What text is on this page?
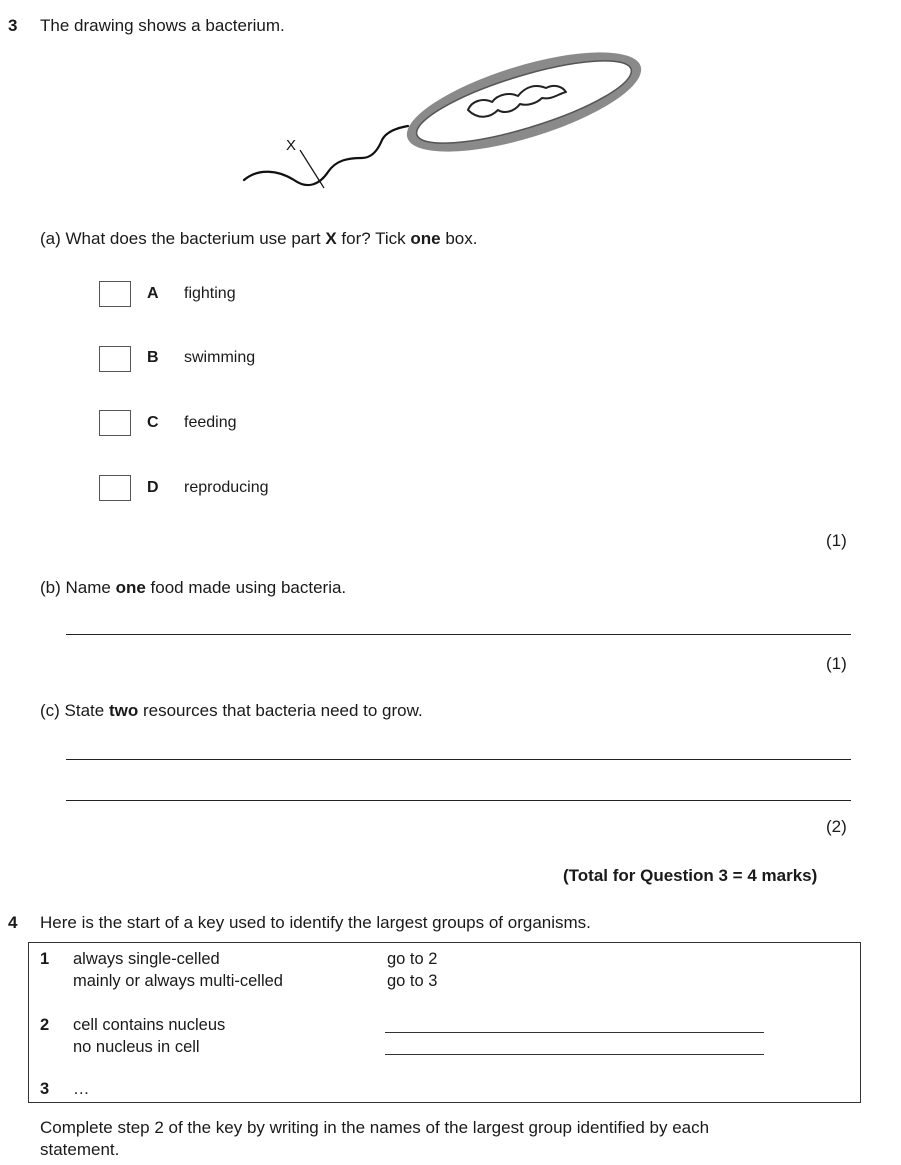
3 The drawing shows a bacterium.
X
(a) What does the bacterium use part X for? Tick one box.
A fighting
B swimming
C feeding
D reproducing
(1)
(b) Name one food made using bacteria.
(1)
(c) State two resources that bacteria need to grow.
(2)
(Total for Question 3 = 4 marks)
4 Here is the start of a key used to identify the largest groups of organisms.
1 always single-celled	go to 2
mainly or always multi-celled	go to 3
2 cell contains nucleus
no nucleus in cell
3 …
Complete step 2 of the key by writing in the names of the largest group identified by each
statement.
